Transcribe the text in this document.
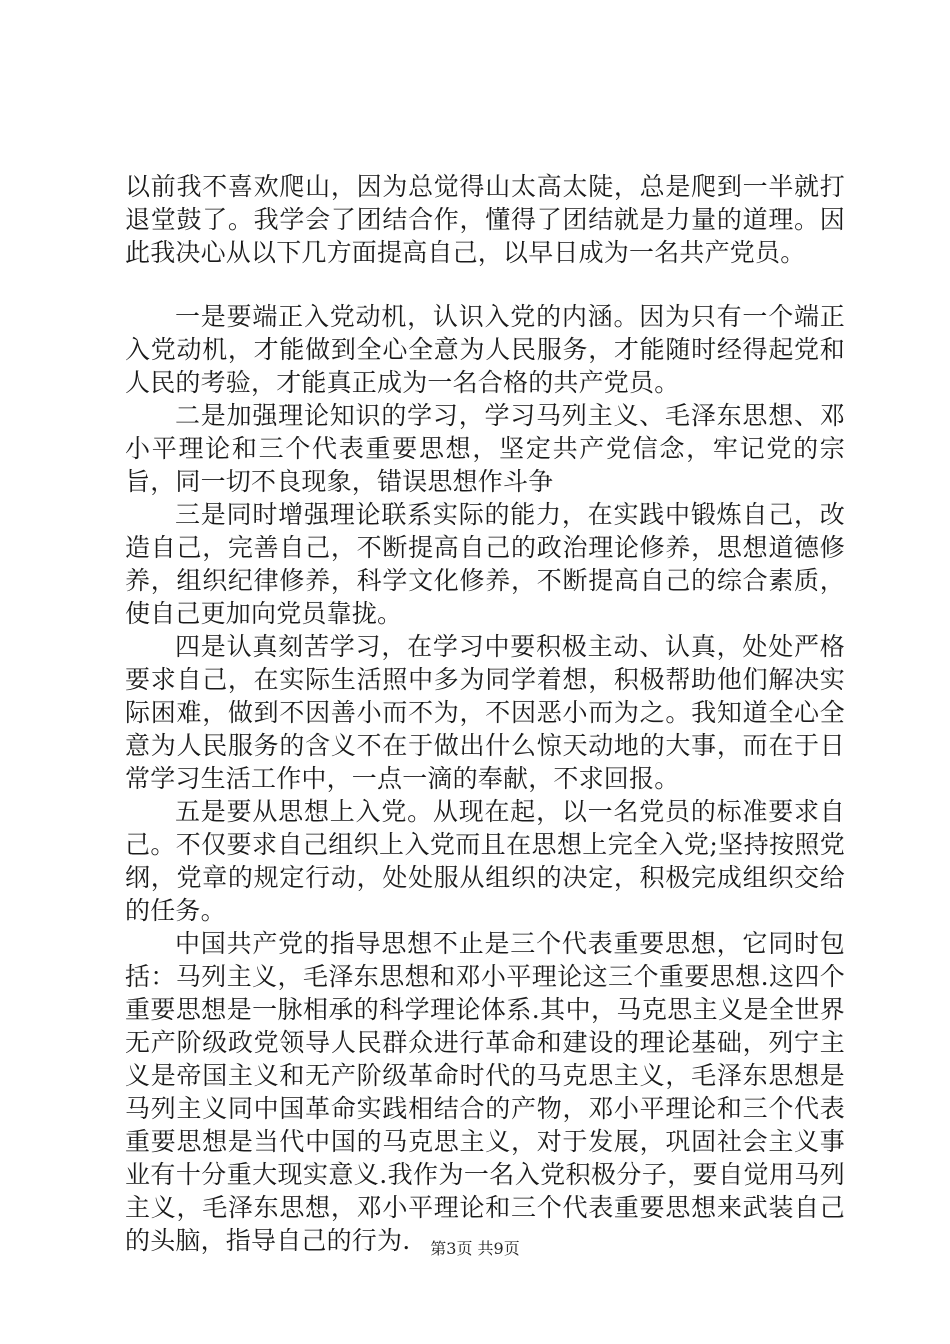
以前我不喜欢爬山，因为总觉得山太高太陡，总是爬到一半就打退堂鼓了。我学会了团结合作，懂得了团结就是力量的道理。因此我决心从以下几方面提高自己，以早日成为一名共产党员。

一是要端正入党动机，认识入党的内涵。因为只有一个端正入党动机，才能做到全心全意为人民服务，才能随时经得起党和人民的考验，才能真正成为一名合格的共产党员。

二是加强理论知识的学习，学习马列主义、毛泽东思想、邓小平理论和三个代表重要思想，坚定共产党信念，牢记党的宗旨，同一切不良现象，错误思想作斗争

三是同时增强理论联系实际的能力，在实践中锻炼自己，改造自己，完善自己，不断提高自己的政治理论修养，思想道德修养，组织纪律修养，科学文化修养，不断提高自己的综合素质，使自己更加向党员靠拢。

四是认真刻苦学习，在学习中要积极主动、认真，处处严格要求自己，在实际生活照中多为同学着想，积极帮助他们解决实际困难，做到不因善小而不为，不因恶小而为之。我知道全心全意为人民服务的含义不在于做出什么惊天动地的大事，而在于日常学习生活工作中，一点一滴的奉献，不求回报。

五是要从思想上入党。从现在起，以一名党员的标准要求自己。不仅要求自己组织上入党而且在思想上完全入党;坚持按照党纲，党章的规定行动，处处服从组织的决定，积极完成组织交给的任务。

中国共产党的指导思想不止是三个代表重要思想，它同时包括：马列主义，毛泽东思想和邓小平理论这三个重要思想.这四个重要思想是一脉相承的科学理论体系.其中，马克思主义是全世界无产阶级政党领导人民群众进行革命和建设的理论基础，列宁主义是帝国主义和无产阶级革命时代的马克思主义，毛泽东思想是马列主义同中国革命实践相结合的产物，邓小平理论和三个代表重要思想是当代中国的马克思主义，对于发展，巩固社会主义事业有十分重大现实意义.我作为一名入党积极分子，要自觉用马列主义，毛泽东思想，邓小平理论和三个代表重要思想来武装自己的头脑，指导自己的行为.	第3页 共9页
